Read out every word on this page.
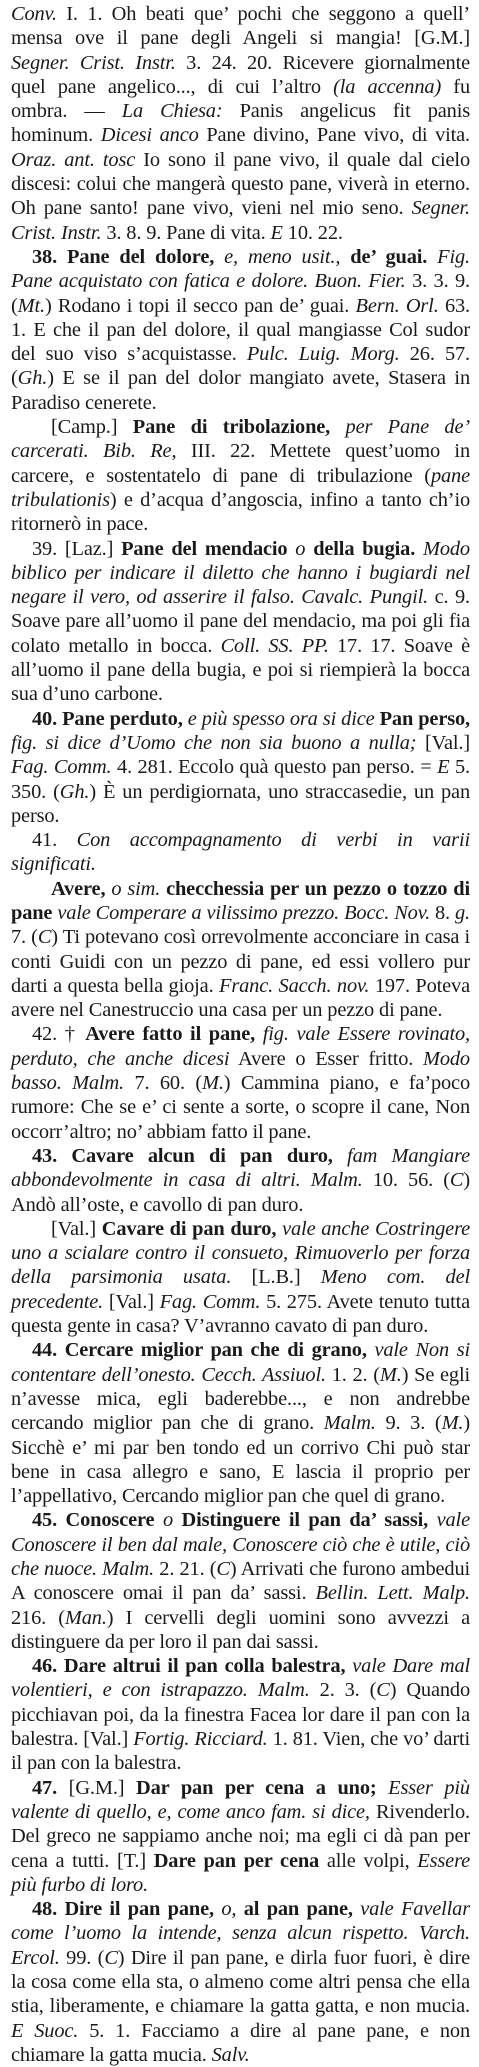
Conv. I. 1. Oh beati que’ pochi che seggono a quell’ mensa ove il pane degli Angeli si mangia! [G.M.] Segner. Crist. Instr. 3. 24. 20. Ricevere giornalmente quel pane angelico..., di cui l’altro (la accenna) fu ombra. — La Chiesa: Panis angelicus fit panis hominum. Dicesi anco Pane divino, Pane vivo, di vita. Oraz. ant. tosc Io sono il pane vivo, il quale dal cielo discesi: colui che mangerà questo pane, viverà in eterno. Oh pane santo! pane vivo, vieni nel mio seno. Segner. Crist. Instr. 3. 8. 9. Pane di vita. E 10. 22.

38. Pane del dolore, e, meno usit., de’ guai. Fig. Pane acquistato con fatica e dolore. Buon. Fier. 3. 3. 9. (Mt.) Rodano i topi il secco pan de’ guai. Bern. Orl. 63. 1. E che il pan del dolore, il qual mangiasse Col sudor del suo viso s’acquistasse. Pulc. Luig. Morg. 26. 57. (Gh.) E se il pan del dolor mangiato avete, Stasera in Paradiso cenerete.

[Camp.] Pane di tribolazione, per Pane de’ carcerati. Bib. Re, III. 22. Mettete quest’uomo in carcere, e sostentatelo di pane di tribulazione (pane tribulationis) e d’acqua d’angoscia, infino a tanto ch’io ritornerò in pace.

39. [Laz.] Pane del mendacio o della bugia. Modo biblico per indicare il diletto che hanno i bugiardi nel negare il vero, od asserire il falso. Cavalc. Pungil. c. 9. Soave pare all’uomo il pane del mendacio, ma poi gli fia colato metallo in bocca. Coll. SS. PP. 17. 17. Soave è all’uomo il pane della bugia, e poi si riempierà la bocca sua d’uno carbone.

40. Pane perduto, e più spesso ora si dice Pan perso, fig. si dice d’Uomo che non sia buono a nulla; [Val.] Fag. Comm. 4. 281. Eccolo quà questo pan perso. = E 5. 350. (Gh.) È un perdigiornata, uno straccasedie, un pan perso.

41. Con accompagnamento di verbi in varii significati.

Avere, o sim. checchessia per un pezzo o tozzo di pane vale Comperare a vilissimo prezzo. Bocc. Nov. 8. g. 7. (C) Ti potevano così orrevolmente acconciare in casa i conti Guidi con un pezzo di pane, ed essi vollero pur darti a questa bella gioja. Franc. Sacch. nov. 197. Poteva avere nel Canestruccio una casa per un pezzo di pane.

42. † Avere fatto il pane, fig. vale Essere rovinato, perduto, che anche dicesi Avere o Esser fritto. Modo basso. Malm. 7. 60. (M.) Cammina piano, e fa’poco rumore: Che se e’ ci sente a sorte, o scopre il cane, Non occorr’altro; no’ abbiam fatto il pane.

43. Cavare alcun di pan duro, fam Mangiare abbondevolmente in casa di altri. Malm. 10. 56. (C) Andò all’oste, e cavollo di pan duro.

[Val.] Cavare di pan duro, vale anche Costringere uno a scialare contro il consueto, Rimuoverlo per forza della parsimonia usata. [L.B.] Meno com. del precedente. [Val.] Fag. Comm. 5. 275. Avete tenuto tutta questa gente in casa? V’avranno cavato di pan duro.

44. Cercare miglior pan che di grano, vale Non si contentare dell’onesto. Cecch. Assiuol. 1. 2. (M.) Se egli n’avesse mica, egli baderebbe..., e non andrebbe cercando miglior pan che di grano. Malm. 9. 3. (M.) Sicchè e’ mi par ben tondo ed un corrivo Chi può star bene in casa allegro e sano, E lascia il proprio per l’appellativo, Cercando miglior pan che quel di grano.

45. Conoscere o Distinguere il pan da’ sassi, vale Conoscere il ben dal male, Conoscere ciò che è utile, ciò che nuoce. Malm. 2. 21. (C) Arrivati che furono ambedui A conoscere omai il pan da’ sassi. Bellin. Lett. Malp. 216. (Man.) I cervelli degli uomini sono avvezzi a distinguere da per loro il pan dai sassi.

46. Dare altrui il pan colla balestra, vale Dare mal volentieri, e con istrapazzo. Malm. 2. 3. (C) Quando picchiavan poi, da la finestra Facea lor dare il pan con la balestra. [Val.] Fortig. Ricciard. 1. 81. Vien, che vo’ darti il pan con la balestra.

47. [G.M.] Dar pan per cena a uno; Esser più valente di quello, e, come anco fam. si dice, Rivenderlo. Del greco ne sappiamo anche noi; ma egli ci dà pan per cena a tutti. [T.] Dare pan per cena alle volpi, Essere più furbo di loro.

48. Dire il pan pane, o, al pan pane, vale Favellar come l’uomo la intende, senza alcun rispetto. Varch. Ercol. 99. (C) Dire il pan pane, e dirla fuor fuori, è dire la cosa come ella sta, o almeno come altri pensa che ella stia, liberamente, e chiamare la gatta gatta, e non mucia. E Suoc. 5. 1. Facciamo a dire al pane pane, e non chiamare la gatta mucia. Salv.
